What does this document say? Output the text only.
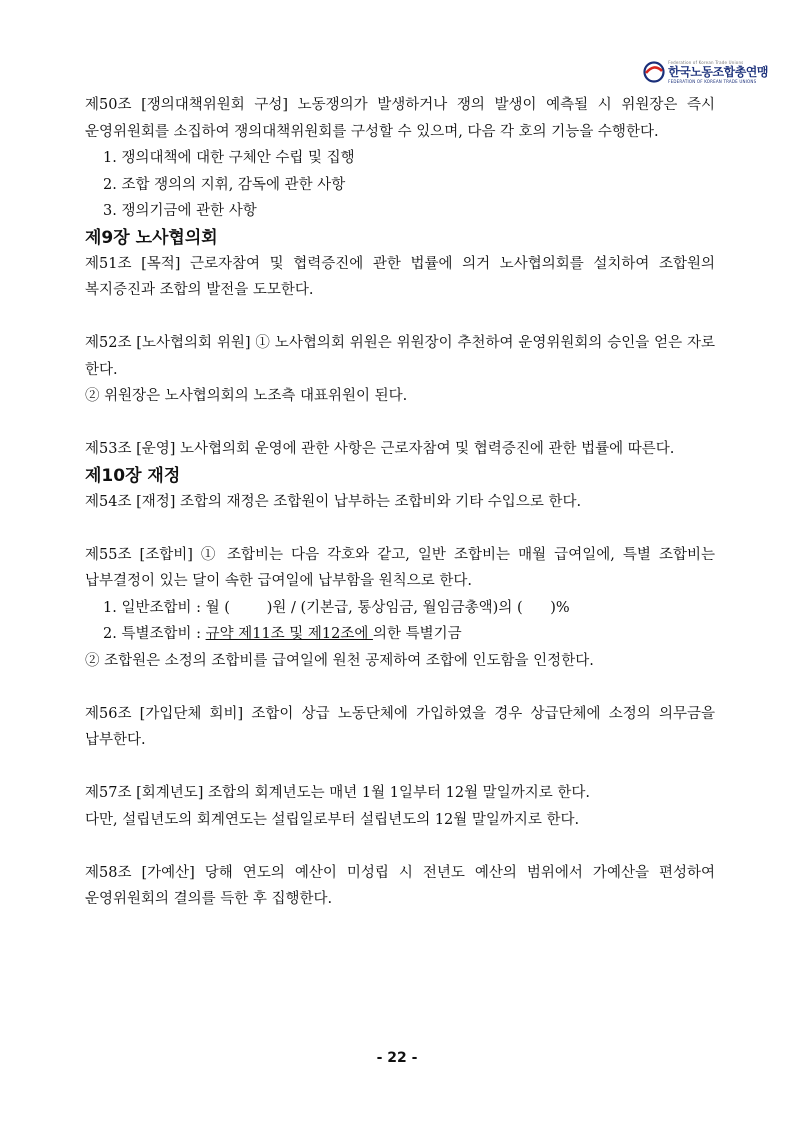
Federation of Korean Trade Unions
한국노동조합총연맹
FEDERATION OF KOREAN TRADE UNIONS

제50조 [쟁의대책위원회 구성] 노동쟁의가 발생하거나 쟁의 발생이 예측될 시 위원장은 즉시 운영위원회를 소집하여 쟁의대책위원회를 구성할 수 있으며, 다음 각 호의 기능을 수행한다.

1. 쟁의대책에 대한 구체안 수립 및 집행

2. 조합 쟁의의 지휘, 감독에 관한 사항

3. 쟁의기금에 관한 사항

제9장 노사협의회

제51조 [목적] 근로자참여 및 협력증진에 관한 법률에 의거 노사협의회를 설치하여 조합원의 복지증진과 조합의 발전을 도모한다.

제52조 [노사협의회 위원] ① 노사협의회 위원은 위원장이 추천하여 운영위원회의 승인을 얻은 자로 한다.

② 위원장은 노사협의회의 노조측 대표위원이 된다.

제53조 [운영] 노사협의회 운영에 관한 사항은 근로자참여 및 협력증진에 관한 법률에 따른다.

제10장 재정

제54조 [재정] 조합의 재정은 조합원이 납부하는 조합비와 기타 수입으로 한다.

제55조 [조합비] ① 조합비는 다음 각호와 같고, 일반 조합비는 매월 급여일에, 특별 조합비는 납부결정이 있는 달이 속한 급여일에 납부함을 원칙으로 한다.

1. 일반조합비 : 월 (        )원 / (기본급, 통상임금, 월임금총액)의 (      )%

2. 특별조합비 : 규약 제11조 및 제12조에 의한 특별기금

② 조합원은 소정의 조합비를 급여일에 원천 공제하여 조합에 인도함을 인정한다.

제56조 [가입단체 회비] 조합이 상급 노동단체에 가입하였을 경우 상급단체에 소정의 의무금을 납부한다.

제57조 [회계년도] 조합의 회계년도는 매년 1월 1일부터 12월 말일까지로 한다.

다만, 설립년도의 회계연도는 설립일로부터 설립년도의 12월 말일까지로 한다.

제58조 [가예산] 당해 연도의 예산이 미성립 시 전년도 예산의 범위에서 가예산을 편성하여 운영위원회의 결의를 득한 후 집행한다.

- 22 -
